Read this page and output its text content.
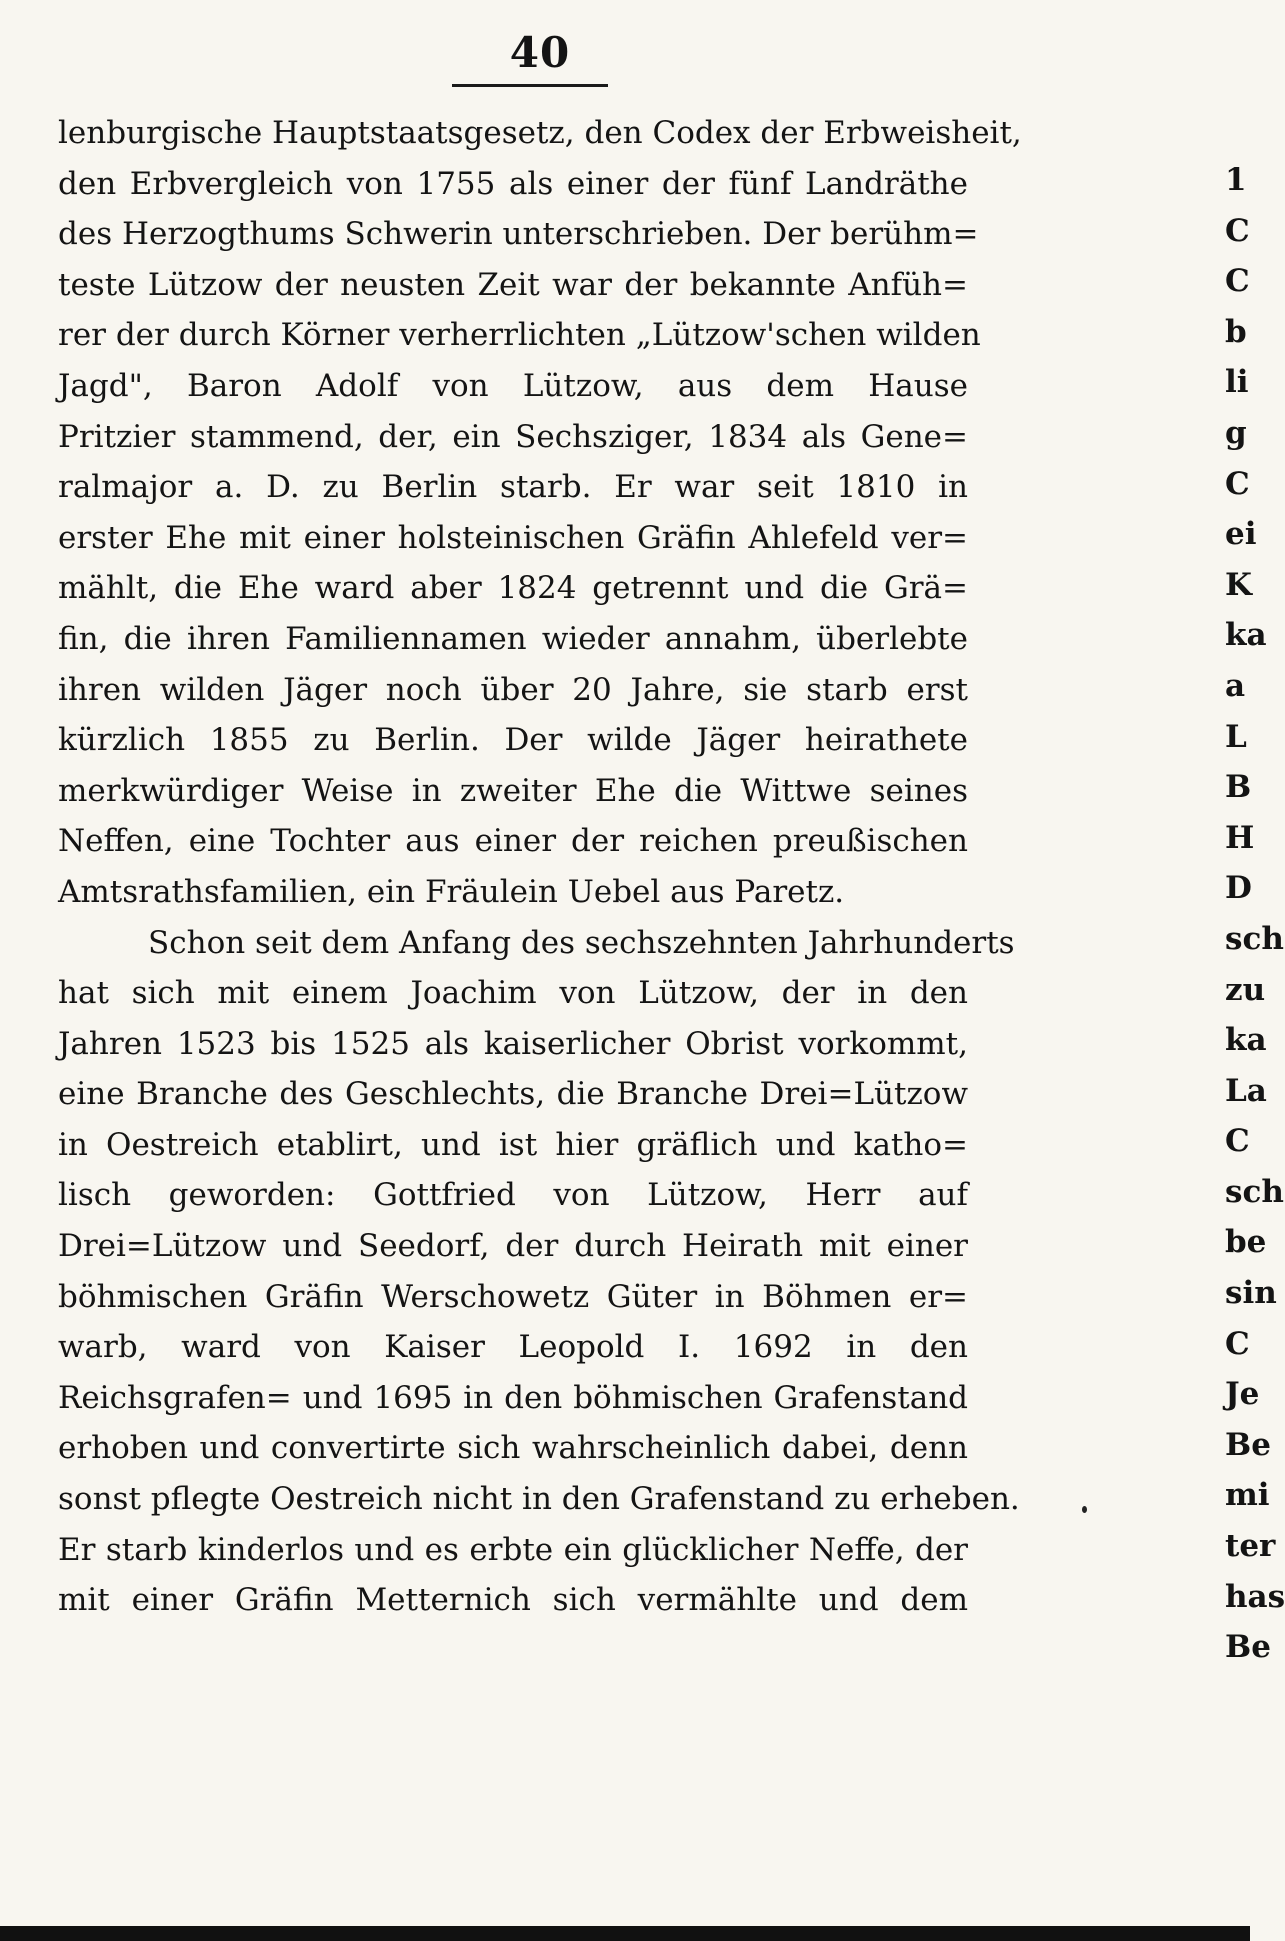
40
lenburgische Hauptstaatsgesetz, den Codex der Erbweisheit,
den Erbvergleich von 1755 als einer der fünf Landräthe
des Herzogthums Schwerin unterschrieben. Der berühm=
teste Lützow der neusten Zeit war der bekannte Anfüh=
rer der durch Körner verherrlichten „Lützow'schen wilden
Jagd", Baron Adolf von Lützow, aus dem Hause
Pritzier stammend, der, ein Sechsziger, 1834 als Gene=
ralmajor a. D. zu Berlin starb. Er war seit 1810 in
erster Ehe mit einer holsteinischen Gräfin Ahlefeld ver=
mählt, die Ehe ward aber 1824 getrennt und die Grä=
fin, die ihren Familiennamen wieder annahm, überlebte
ihren wilden Jäger noch über 20 Jahre, sie starb erst
kürzlich 1855 zu Berlin. Der wilde Jäger heirathete
merkwürdiger Weise in zweiter Ehe die Wittwe seines
Neffen, eine Tochter aus einer der reichen preußischen
Amtsrathsfamilien, ein Fräulein Uebel aus Paretz.
Schon seit dem Anfang des sechszehnten Jahrhunderts
hat sich mit einem Joachim von Lützow, der in den
Jahren 1523 bis 1525 als kaiserlicher Obrist vorkommt,
eine Branche des Geschlechts, die Branche Drei=Lützow
in Oestreich etablirt, und ist hier gräflich und katho=
lisch geworden: Gottfried von Lützow, Herr auf
Drei=Lützow und Seedorf, der durch Heirath mit einer
böhmischen Gräfin Werschowetz Güter in Böhmen er=
warb, ward von Kaiser Leopold I. 1692 in den
Reichsgrafen= und 1695 in den böhmischen Grafenstand
erhoben und convertirte sich wahrscheinlich dabei, denn
sonst pflegte Oestreich nicht in den Grafenstand zu erheben.
Er starb kinderlos und es erbte ein glücklicher Neffe, der
mit einer Gräfin Metternich sich vermählte und dem
1
C
C
b
li
g
C
ei
K
ka
a
L
B
H
D
sch
zu
ka
La
C
sch
be
sin
C
Je
Be
mi
ter
has
Be
